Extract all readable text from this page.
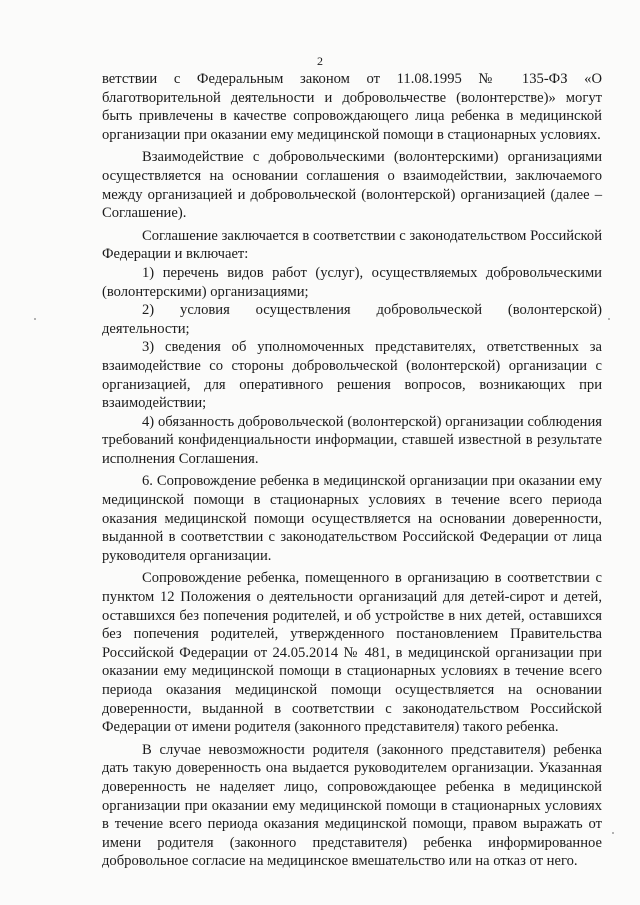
2

ветствии с Федеральным законом от 11.08.1995 № 135-ФЗ «О благотворительной деятельности и добровольчестве (волонтерстве)» могут быть привлечены в качестве сопровождающего лица ребенка в медицинской организации при оказании ему медицинской помощи в стационарных условиях.

Взаимодействие с добровольческими (волонтерскими) организациями осуществляется на основании соглашения о взаимодействии, заключаемого между организацией и добровольческой (волонтерской) организацией (далее – Соглашение).

Соглашение заключается в соответствии с законодательством Российской Федерации и включает:

1) перечень видов работ (услуг), осуществляемых добровольческими (волонтерскими) организациями;

2) условия осуществления добровольческой (волонтерской) деятельности;

3) сведения об уполномоченных представителях, ответственных за взаимодействие со стороны добровольческой (волонтерской) организации с организацией, для оперативного решения вопросов, возникающих при взаимодействии;

4) обязанность добровольческой (волонтерской) организации соблюдения требований конфиденциальности информации, ставшей известной в результате исполнения Соглашения.

6. Сопровождение ребенка в медицинской организации при оказании ему медицинской помощи в стационарных условиях в течение всего периода оказания медицинской помощи осуществляется на основании доверенности, выданной в соответствии с законодательством Российской Федерации от лица руководителя организации.

Сопровождение ребенка, помещенного в организацию в соответствии с пунктом 12 Положения о деятельности организаций для детей-сирот и детей, оставшихся без попечения родителей, и об устройстве в них детей, оставшихся без попечения родителей, утвержденного постановлением Правительства Российской Федерации от 24.05.2014 № 481, в медицинской организации при оказании ему медицинской помощи в стационарных условиях в течение всего периода оказания медицинской помощи осуществляется на основании доверенности, выданной в соответствии с законодательством Российской Федерации от имени родителя (законного представителя) такого ребенка.

В случае невозможности родителя (законного представителя) ребенка дать такую доверенность она выдается руководителем организации. Указанная доверенность не наделяет лицо, сопровождающее ребенка в медицинской организации при оказании ему медицинской помощи в стационарных условиях в течение всего периода оказания медицинской помощи, правом выражать от имени родителя (законного представителя) ребенка информированное добровольное согласие на медицинское вмешательство или на отказ от него.
